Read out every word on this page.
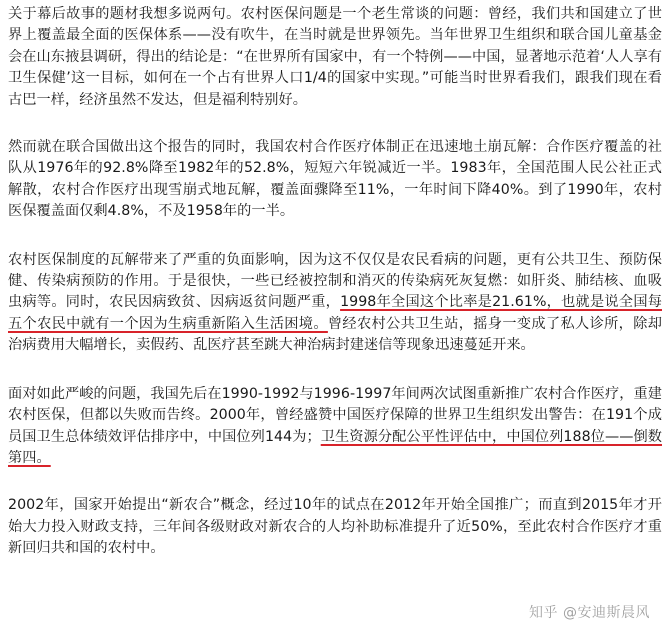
关于幕后故事的题材我想多说两句。农村医保问题是一个老生常谈的问题：曾经，我们共和国建立了世界上覆盖最全面的医保体系——没有吹牛，在当时就是世界领先。当年世界卫生组织和联合国儿童基金会在山东掖县调研，得出的结论是：“在世界所有国家中，有一个特例——中国，显著地示范着‘人人享有卫生保健’这一目标，如何在一个占有世界人口1/4的国家中实现。”可能当时世界看我们，跟我们现在看古巴一样，经济虽然不发达，但是福利特别好。

然而就在联合国做出这个报告的同时，我国农村合作医疗体制正在迅速地土崩瓦解：合作医疗覆盖的社队从1976年的92.8%降至1982年的52.8%，短短六年锐减近一半。1983年，全国范围人民公社正式解散，农村合作医疗出现雪崩式地瓦解，覆盖面骤降至11%，一年时间下降40%。到了1990年，农村医保覆盖面仅剩4.8%，不及1958年的一半。

农村医保制度的瓦解带来了严重的负面影响，因为这不仅仅是农民看病的问题，更有公共卫生、预防保健、传染病预防的作用。于是很快，一些已经被控制和消灭的传染病死灰复燃：如肝炎、肺结核、血吸虫病等。同时，农民因病致贫、因病返贫问题严重，1998年全国这个比率是21.61%，也就是说全国每五个农民中就有一个因为生病重新陷入生活困境。曾经农村公共卫生站，摇身一变成了私人诊所，除却治病费用大幅增长，卖假药、乱医疗甚至跳大神治病封建迷信等现象迅速蔓延开来。

面对如此严峻的问题，我国先后在1990-1992与1996-1997年间两次试图重新推广农村合作医疗，重建农村医保，但都以失败而告终。2000年，曾经盛赞中国医疗保障的世界卫生组织发出警告：在191个成员国卫生总体绩效评估排序中，中国位列144为；卫生资源分配公平性评估中，中国位列188位——倒数第四。

2002年，国家开始提出“新农合”概念，经过10年的试点在2012年开始全国推广；而直到2015年才开始大力投入财政支持，三年间各级财政对新农合的人均补助标准提升了近50%，至此农村合作医疗才重新回归共和国的农村中。

知乎 @安迪斯晨风
